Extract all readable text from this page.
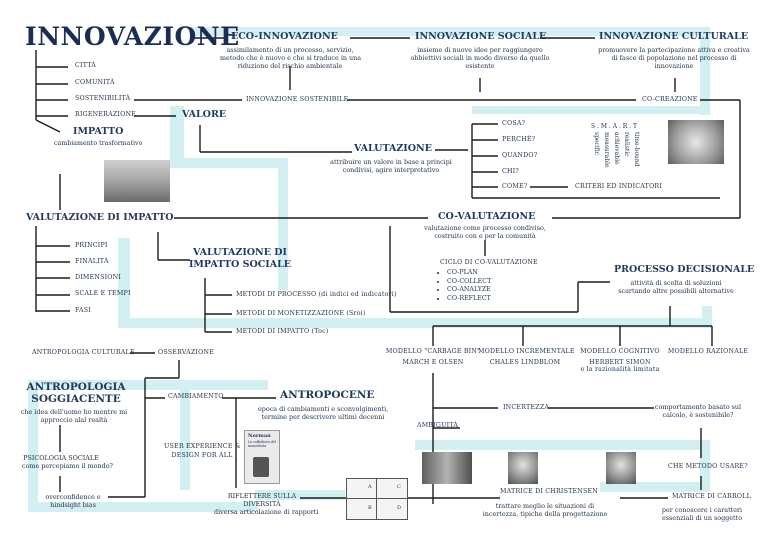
INNOVAZIONE
CITTÀ
COMUNITÀ
SOSTENIBILITÀ
RIGENERAZIONE
ECO-INNOVAZIONE
assimilamento di un processo, servizio,
metodo che è nuovo e che si traduce in una
riduzione del rischio ambientale
INNOVAZIONE SOCIALE
insieme di nuove idee per raggiungere
obbiettivi sociali in modo diverso da quello
esistente
INNOVAZIONE CULTURALE
promuovere la partecipazione attiva e creativa
di fasce di popolazione nel processo di
innovazione
INNOVAZIONE SOSTENIBILE	CO-CREAZIONE
IMPATTO
cambiamento trasformativo
VALORE
VALUTAZIONE
attribuire un valore in base a principi
condivisi, agire interpretativo
COSA?
PERCHÈ?
QUANDO?
CHI?
COME?	CRITERI ED INDICATORI
S . M . A . R . T
specific measurable achievable realistic time-bound
VALUTAZIONE DI IMPATTO
PRINCIPI
FINALITÀ
DIMENSIONI
SCALE E TEMPI
FASI
VALUTAZIONE DI
IMPATTO SOCIALE
METODI DI PROCESSO (di indici ed indicatori)
METODI DI MONETIZZAZIONE (Sroi)
METODI DI IMPATTO (Toc)
CO-VALUTAZIONE
valutazione come processo condiviso,
costruito con e per la comunità
CICLO DI CO-VALUTAZIONE
• CO-PLAN
• CO-COLLECT
• CO-ANALYZE
• CO-REFLECT
PROCESSO DECISIONALE
attività di scelta di soluzioni
scartando altre possibili alternative
MODELLO "CARBAGE BIN"
MARCH E OLSEN
MODELLO INCREMENTALE
CHALES LINDBLOM
MODELLO COGNITIVO
HERBERT SIMON
e la razionalità limitata
MODELLO RAZIONALE
INCERTEZZA
AMBIGUITÀ
comportamento basato sul
calcolo, è sostenibile?
CHE METODO USARE?
MATRICE DI CHRISTENSEN
trattare meglio le situazioni di
incertezza, tipiche della progettazione
MATRICE DI CARROLL
per conoscere i caratteri
essenziali di un soggetto
A	C
B	D
ANTROPOLOGIA CULTURALE	OSSERVAZIONE
ANTROPOLOGIA
SOGGIACENTE
che idea dell'uomo ho mentre mi
approccio alal realtà
CAMBIAMENTO	ANTROPOCENE
epoca di cambiamenti e sconvolgimenti,
termine per descrivere ultimi decenni
PSICOLOGIA SOCIALE
come percepiamo il mondo?
USER EXPERIENCE &
DESIGN FOR ALL
Norman
La caffettiera del masochista
overconfidence e
hindsight bias
RIFLETTERE SULLA
DIVERSITÀ
diversa articolazione di rapporti
